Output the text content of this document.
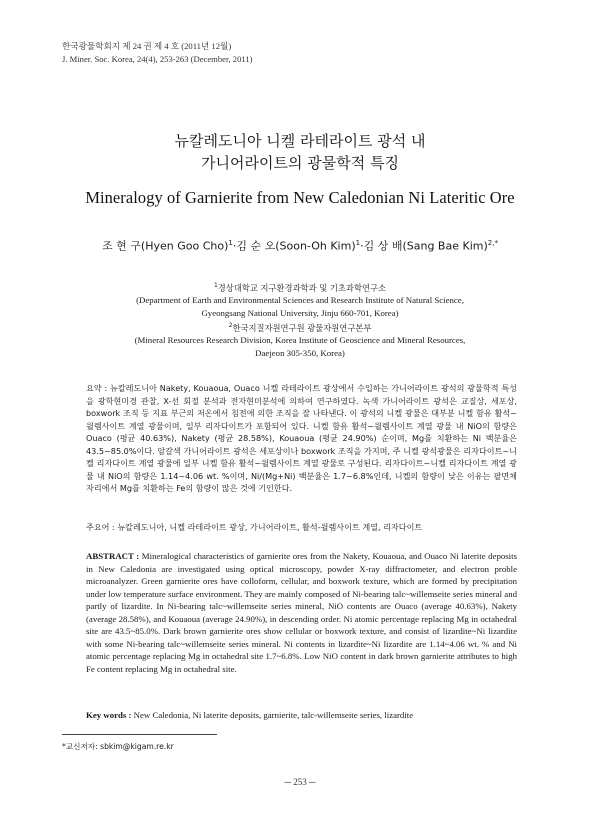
한국광물학회지 제 24 권 제 4 호 (2011년 12월)
J. Miner. Soc. Korea, 24(4), 253-263 (December, 2011)
뉴칼레도니아 니켈 라테라이트 광석 내
가니어라이트의 광물학적 특징
Mineralogy of Garnierite from New Caledonian Ni Lateritic Ore
조 현 구(Hyen Goo Cho)$^1$·김 순 오(Soon-Oh Kim)$^1$·김 상 배(Sang Bae Kim)$^{2,*}$
$^1$경상대학교 지구환경과학과 및 기초과학연구소
(Department of Earth and Environmental Sciences and Research Institute of Natural Science,
Gyeongsang National University, Jinju 660-701, Korea)
$^2$한국지질자원연구원 광물자원연구본부
(Mineral Resources Research Division, Korea Institute of Geoscience and Mineral Resources,
Daejeon 305-350, Korea)
요약 : 뉴칼레도니아 Nakety, Kouaoua, Ouaco 니켈 라테라이트 광상에서 수입하는 가니어라이트 광석의 광물학적 특성을 광학현미경 관찰, X-선 회절 분석과 전자현미분석에 의하여 연구하였다. 녹색 가니어라이트 광석은 교질상, 세포상, boxwork 조직 등 지표 부근의 저온에서 침전에 의한 조직을 잘 나타낸다. 이 광석의 니켈 광물은 대부분 니켈 함유 활석~윌렘사이트 계열 광물이며, 일부 리자다이트가 포함되어 있다. 니켈 함유 활석~윌렘사이트 계열 광물 내 NiO의 함량은 Ouaco (평균 40.63%), Nakety (평균 28.58%), Kouaoua (평균 24.90%) 순이며, Mg를 치환하는 Ni 백분율은 43.5~85.0%이다. 암갈색 가니어라이트 광석은 세포상이나 boxwork 조직을 가지며, 주 니켈 광석광물은 리자다이트~니켈 리자다이트 계열 광물에 일부 니켈 함유 활석~윌렘사이트 계열 광물로 구성된다. 리자다이트~니켈 리자다이트 계열 광물 내 NiO의 함량은 1.14~4.06 wt. %이며, Ni/(Mg+Ni) 백분율은 1.7~6.8%인데, 니켈의 함량이 낮은 이유는 팔면체 자리에서 Mg를 치환하는 Fe의 함량이 많은 것에 기인한다.
주요어 : 뉴칼레도니아, 니켈 라테라이트 광상, 가니어라이트, 활석-윌렘사이트 계열, 리자다이트
ABSTRACT : Mineralogical characteristics of garnierite ores from the Nakety, Kouaoua, and Ouaco Ni laterite deposits in New Caledonia are investigated using optical microscopy, powder X-ray diffractometer, and electron proble microanalyzer. Green garnierite ores have colloform, cellular, and boxwork texture, which are formed by precipitation under low temperature surface environment. They are mainly composed of Ni-bearing talc~willemseite series mineral and partly of lizardite. In Ni-bearing talc~willemseite series mineral, NiO contents are Ouaco (average 40.63%), Nakety (average 28.58%), and Kouaoua (average 24.90%), in descending order. Ni atomic percentage replacing Mg in octahedral site are 43.5~85.0%. Dark brown garnierite ores show cellular or boxwork texture, and consist of lizardite~Ni lizardite with some Ni-bearing talc~willemseite series mineral. Ni contents in lizardite~Ni lizardite are 1.14~4.06 wt. % and Ni atomic percentage replacing Mg in octahedral site 1.7~6.8%. Low NiO content in dark brown garnierite attributes to high Fe content replacing Mg in octahedral site.
Key words : New Caledonia, Ni laterite deposits, garnierite, talc-willemseite series, lizardite
*교신저자: sbkim@kigam.re.kr
─ 253 ─
